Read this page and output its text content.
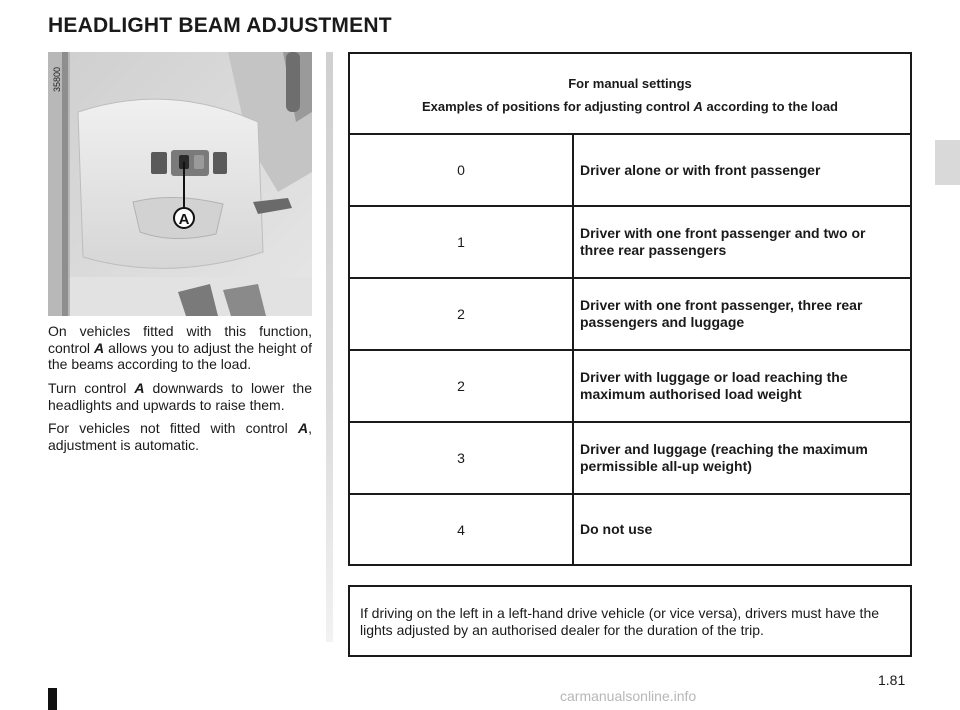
HEADLIGHT BEAM ADJUSTMENT
A
35800

On vehicles fitted with this function, control A allows you to adjust the height of the beams according to the load.

Turn control A downwards to lower the headlights and upwards to raise them.

For vehicles not fitted with control A, adjustment is automatic.

For manual settings
Examples of positions for adjusting control A according to the load
0	Driver alone or with front passenger
1
Driver with one front passenger and two or three rear passengers
2
Driver with one front passenger, three rear passengers and luggage
2
Driver with luggage or load reaching the maximum authorised load weight
3
Driver and luggage (reaching the maximum permissible all-up weight)
4	Do not use
If driving on the left in a left-hand drive vehicle (or vice versa), drivers must have the lights adjusted by an authorised dealer for the duration of the trip.
1.81
carmanualsonline.info
